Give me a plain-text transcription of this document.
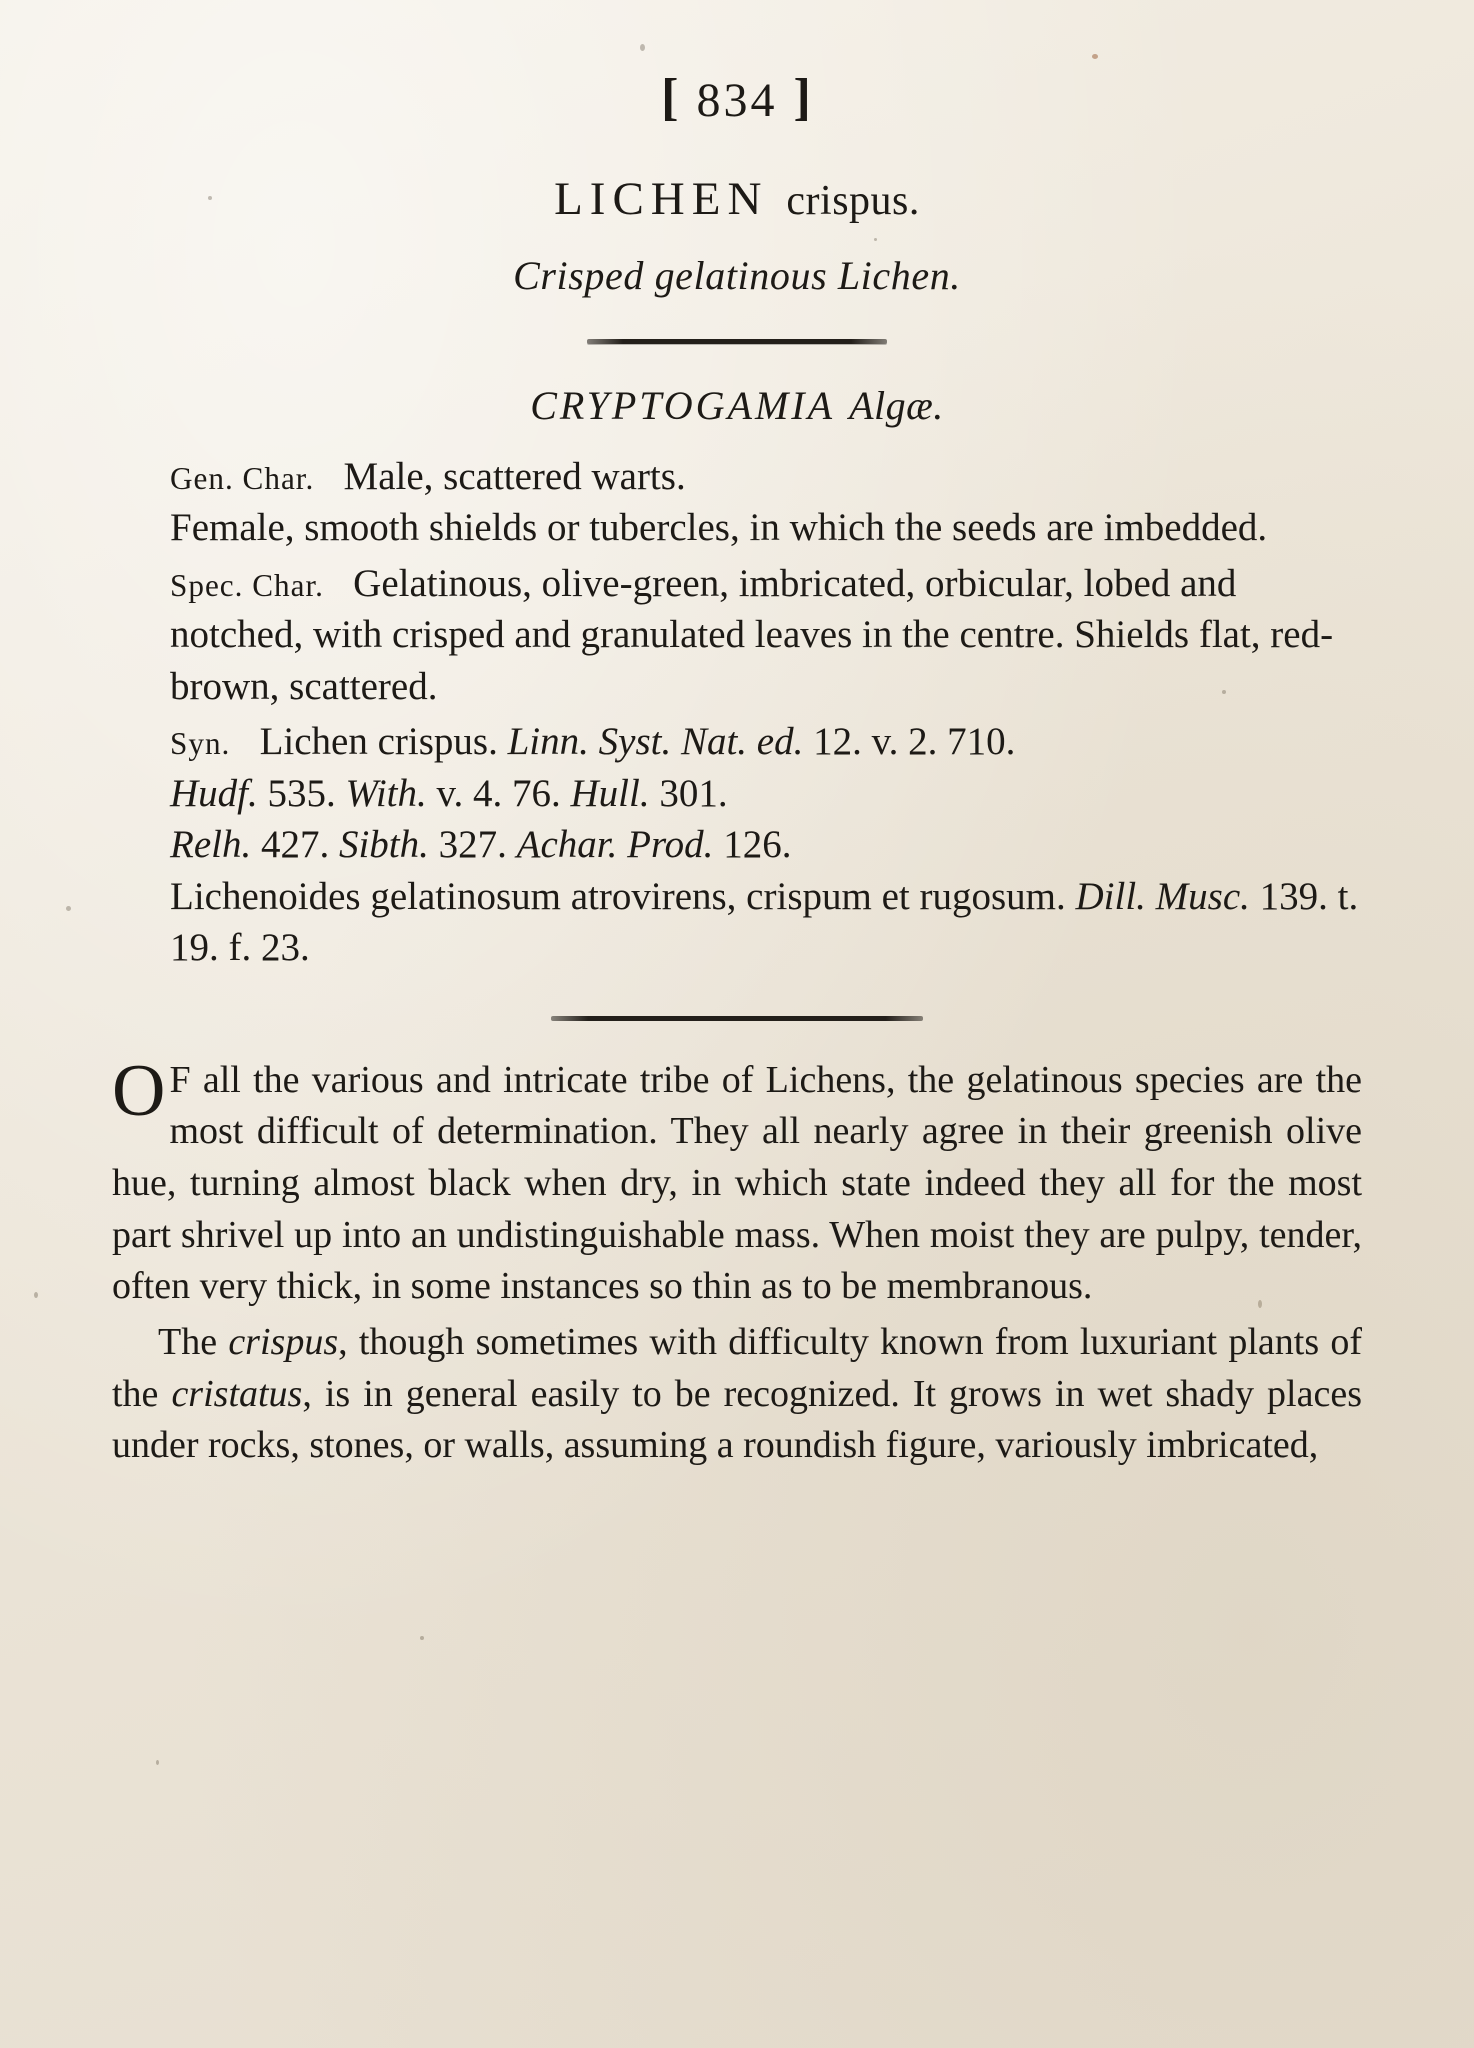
[ 834 ]
LICHEN crispus.
Crisped gelatinous Lichen.
CRYPTOGAMIA Algæ.

Gen. Char. Male, scattered warts.

Female, smooth shields or tubercles, in which the seeds are imbedded.

Spec. Char. Gelatinous, olive-green, imbricated, orbicular, lobed and notched, with crisped and granulated leaves in the centre. Shields flat, red-brown, scattered.

Syn. Lichen crispus. Linn. Syst. Nat. ed. 12. v. 2. 710.

Hudf. 535. With. v. 4. 76. Hull. 301.

Relh. 427. Sibth. 327. Achar. Prod. 126.

Lichenoides gelatinosum atrovirens, crispum et rugosum. Dill. Musc. 139. t. 19. f. 23.

O F all the various and intricate tribe of Lichens, the gelatinous species are the most difficult of determination. They all nearly agree in their greenish olive hue, turning almost black when dry, in which state indeed they all for the most part shrivel up into an undistinguishable mass. When moist they are pulpy, tender, often very thick, in some instances so thin as to be membranous.

The crispus, though sometimes with difficulty known from luxuriant plants of the cristatus, is in general easily to be recognized. It grows in wet shady places under rocks, stones, or walls, assuming a roundish figure, variously imbricated,
